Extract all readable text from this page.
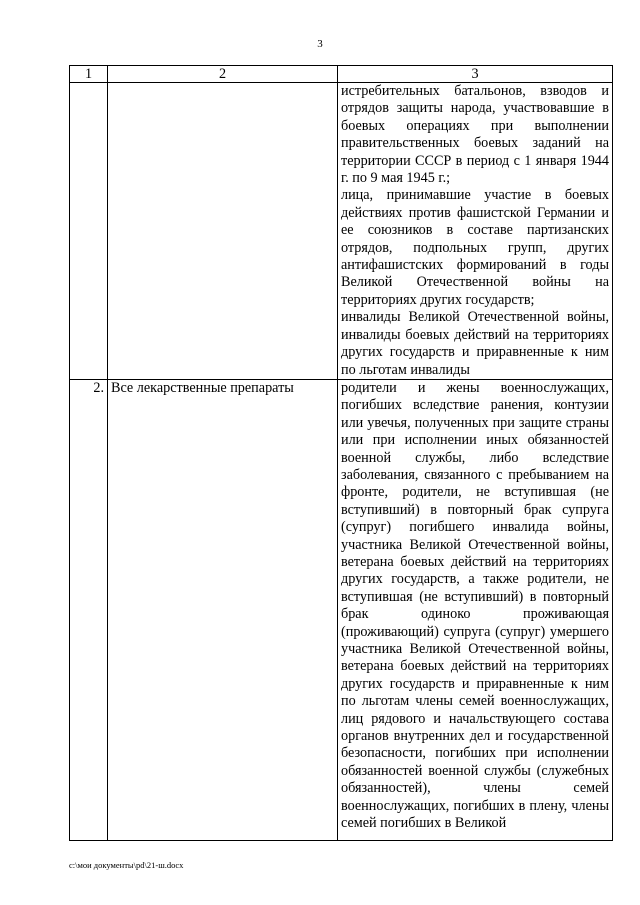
3
1	2	3

		истребительных батальонов, взводов и отрядов защиты народа, участвовавшие в боевых операциях при выполнении правительственных боевых заданий на территории СССР в период с 1 января 1944 г. по 9 мая 1945 г.;
лица, принимавшие участие в боевых действиях против фашистской Германии и ее союзников в составе партизанских отрядов, подпольных групп, других антифашистских формирований в годы Великой Отечественной войны на территориях других государств;
инвалиды Великой Отечественной войны, инвалиды боевых действий на территориях других государств и приравненные к ним по льготам инвалиды

2.	Все лекарственные препараты	родители и жены военнослужащих, погибших вследствие ранения, контузии или увечья, полученных при защите страны или при исполнении иных обязанностей военной службы, либо вследствие заболевания, связанного с пребыванием на фронте, родители, не вступившая (не вступивший) в повторный брак супруга (супруг) погибшего инвалида войны, участника Великой Отечественной войны, ветерана боевых действий на территориях других государств, а также родители, не вступившая (не вступивший) в повторный брак одиноко проживающая (проживающий) супруга (супруг) умершего участника Великой Отечественной войны, ветерана боевых действий на территориях других государств и приравненные к ним по льготам члены семей военнослужащих, лиц рядового и начальствующего состава органов внутренних дел и государственной безопасности, погибших при исполнении обязанностей военной службы (служебных обязанностей), члены семей военнослужащих, погибших в плену, члены семей погибших в Великой
c:\мои документы\pd\21-ш.docx
